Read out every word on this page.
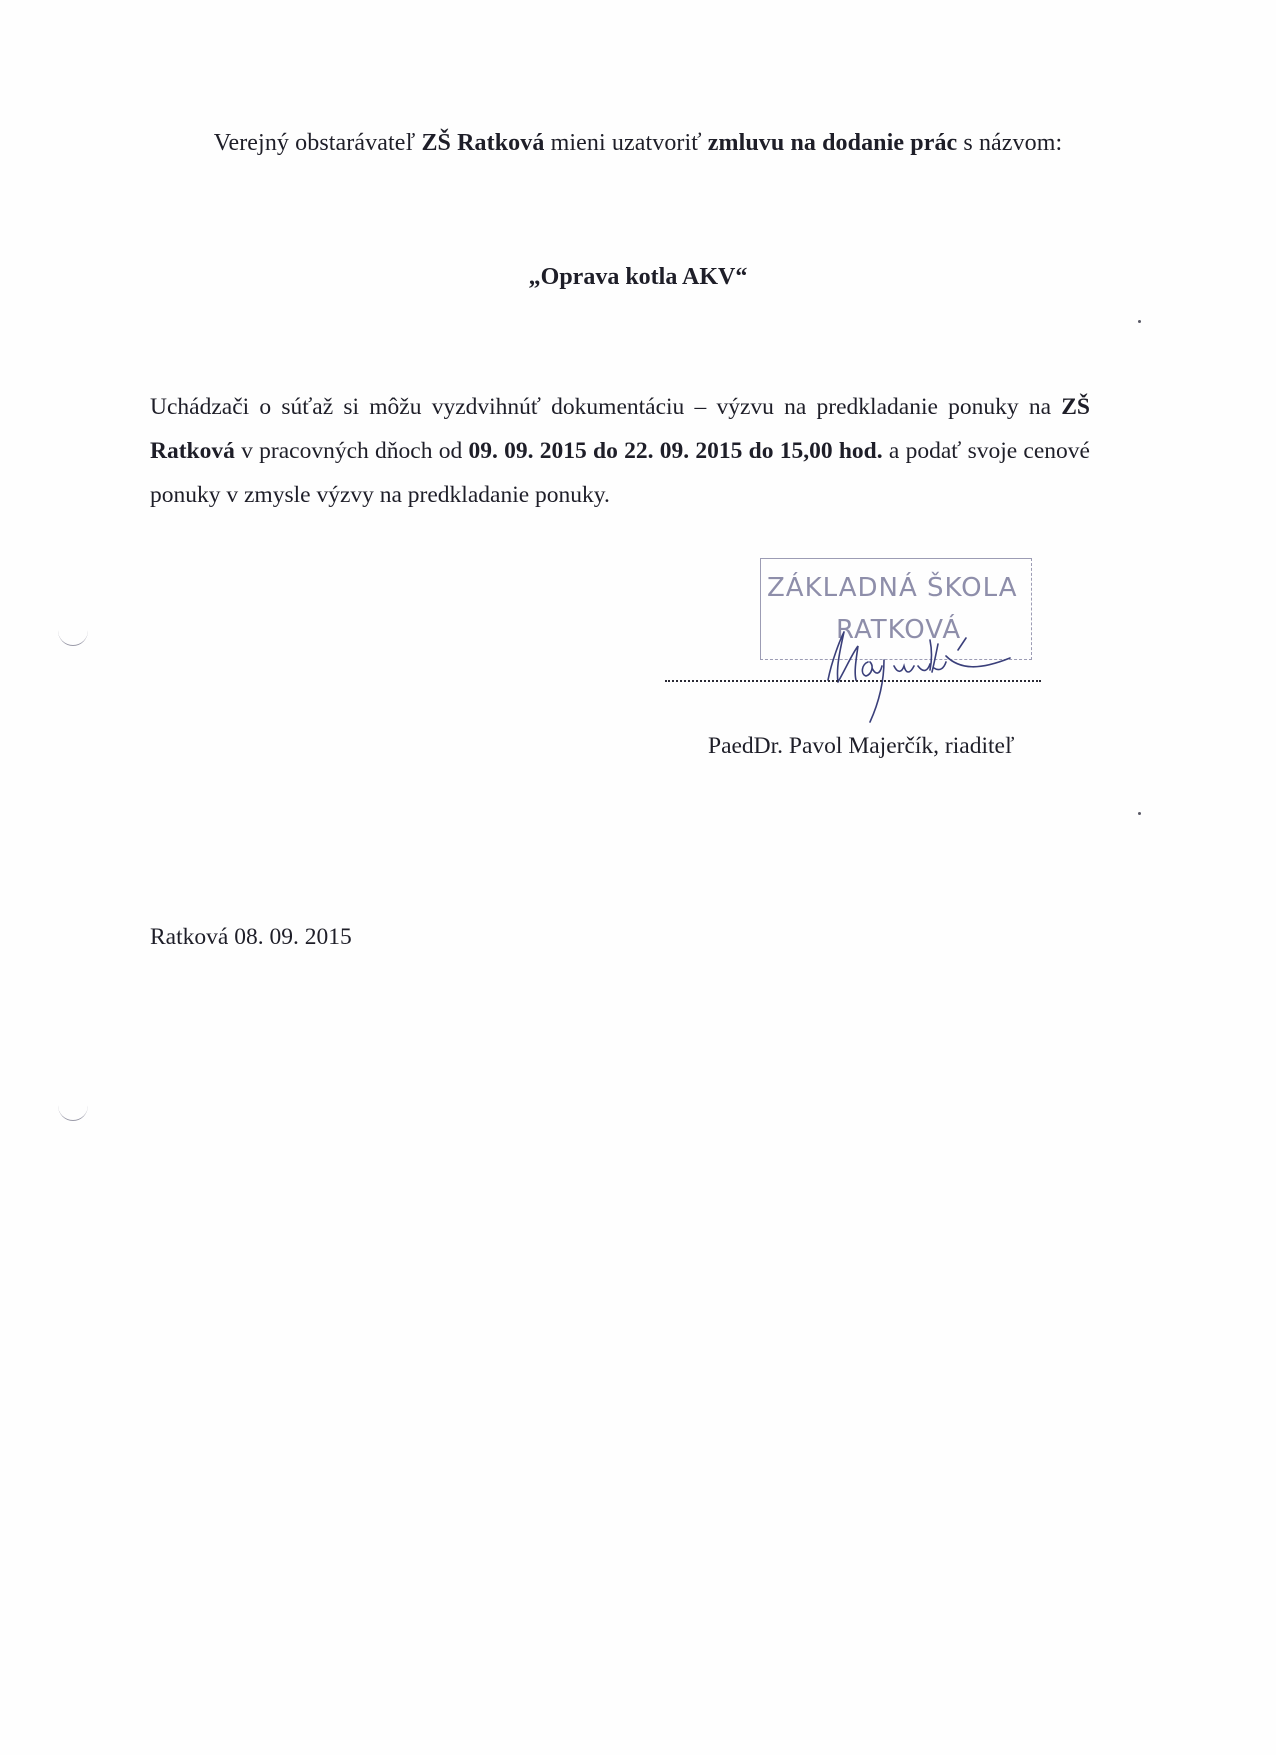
Verejný obstarávateľ ZŠ Ratková mieni uzatvoriť zmluvu na dodanie prác s názvom:
„Oprava kotla AKV“
Uchádzači o súťaž si môžu vyzdvihnúť dokumentáciu – výzvu na predkladanie ponuky na ZŠ Ratková v pracovných dňoch od 09. 09. 2015 do 22. 09. 2015 do 15,00 hod. a podať svoje cenové ponuky v zmysle výzvy na predkladanie ponuky.
ZÁKLADNÁ ŠKOLA
RATKOVÁ
PaedDr. Pavol Majerčík, riaditeľ
Ratková 08. 09. 2015
